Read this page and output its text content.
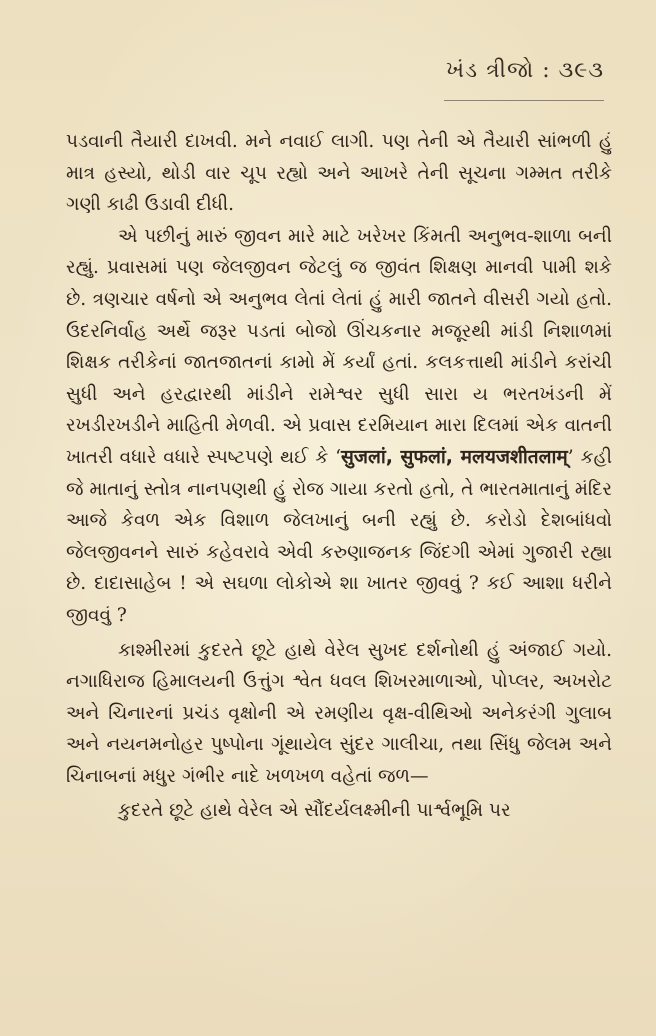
ખંડ ત્રીજો : ૩૯૩

પડવાની તૈયારી દાખવી. મને નવાઈ લાગી. પણ તેની એ તૈયારી સાંભળી હું માત્ર હસ્યો, થોડી વાર ચૂપ રહ્યો અને આખરે તેની સૂચના ગમ્મત તરીકે ગણી કાઢી ઉડાવી દીધી.

એ પછીનું મારું જીવન મારે માટે ખરેખર કિંમતી અનુભવ-શાળા બની રહ્યું. પ્રવાસમાં પણ જેલજીવન જેટલું જ જીવંત શિક્ષણ માનવી પામી શકે છે. ત્રણચાર વર્ષનો એ અનુભવ લેતાં લેતાં હું મારી જાતને વીસરી ગયો હતો. ઉદરનિર્વાહ અર્થે જરૂર પડતાં બોજો ઊંચકનાર મજૂરથી માંડી નિશાળમાં શિક્ષક તરીકેનાં જાતજાતનાં કામો મેં કર્યાં હતાં. કલકત્તાથી માંડીને કરાંચી સુધી અને હરદ્વારથી માંડીને રામેશ્વર સુધી સારા ય ભરતખંડની મેં રખડીરખડીને માહિતી મેળવી. એ પ્રવાસ દરમિયાન મારા દિલમાં એક વાતની ખાતરી વધારે વધારે સ્પષ્ટપણે થઈ કે ‘सुजलां, सुफलां, मलयजशीतलाम्’ કહી જે માતાનું સ્તોત્ર નાનપણથી હું રોજ ગાયા કરતો હતો, તે ભારતમાતાનું મંદિર આજે કેવળ એક વિશાળ જેલખાનું બની રહ્યું છે. કરોડો દેશબાંધવો જેલજીવનને સારું કહેવરાવે એવી કરુણાજનક જિંદગી એમાં ગુજારી રહ્યા છે. દાદાસાહેબ ! એ સઘળા લોકોએ શા ખાતર જીવવું ? કઈ આશા ધરીને જીવવું ?

કાશ્મીરમાં કુદરતે છૂટે હાથે વેરેલ સુખદ દર્શનોથી હું અંજાઈ ગયો. નગાધિરાજ હિમાલયની ઉત્તુંગ શ્વેત ધવલ શિખરમાળાઓ, પોપ્લર, અખરોટ અને ચિનારનાં પ્રચંડ વૃક્ષોની એ રમણીય વૃક્ષ-વીથિઓ અનેકરંગી ગુલાબ અને નયનમનોહર પુષ્પોના ગૂંથાયેલ સુંદર ગાલીચા, તથા સિંધુ જેલમ અને ચિનાબનાં મધુર ગંભીર નાદે ખળખળ વહેતાં જળ—

કુદરતે છૂટે હાથે વેરેલ એ સૌંદર્યલક્ષ્મીની પાર્શ્વભૂમિ પર
